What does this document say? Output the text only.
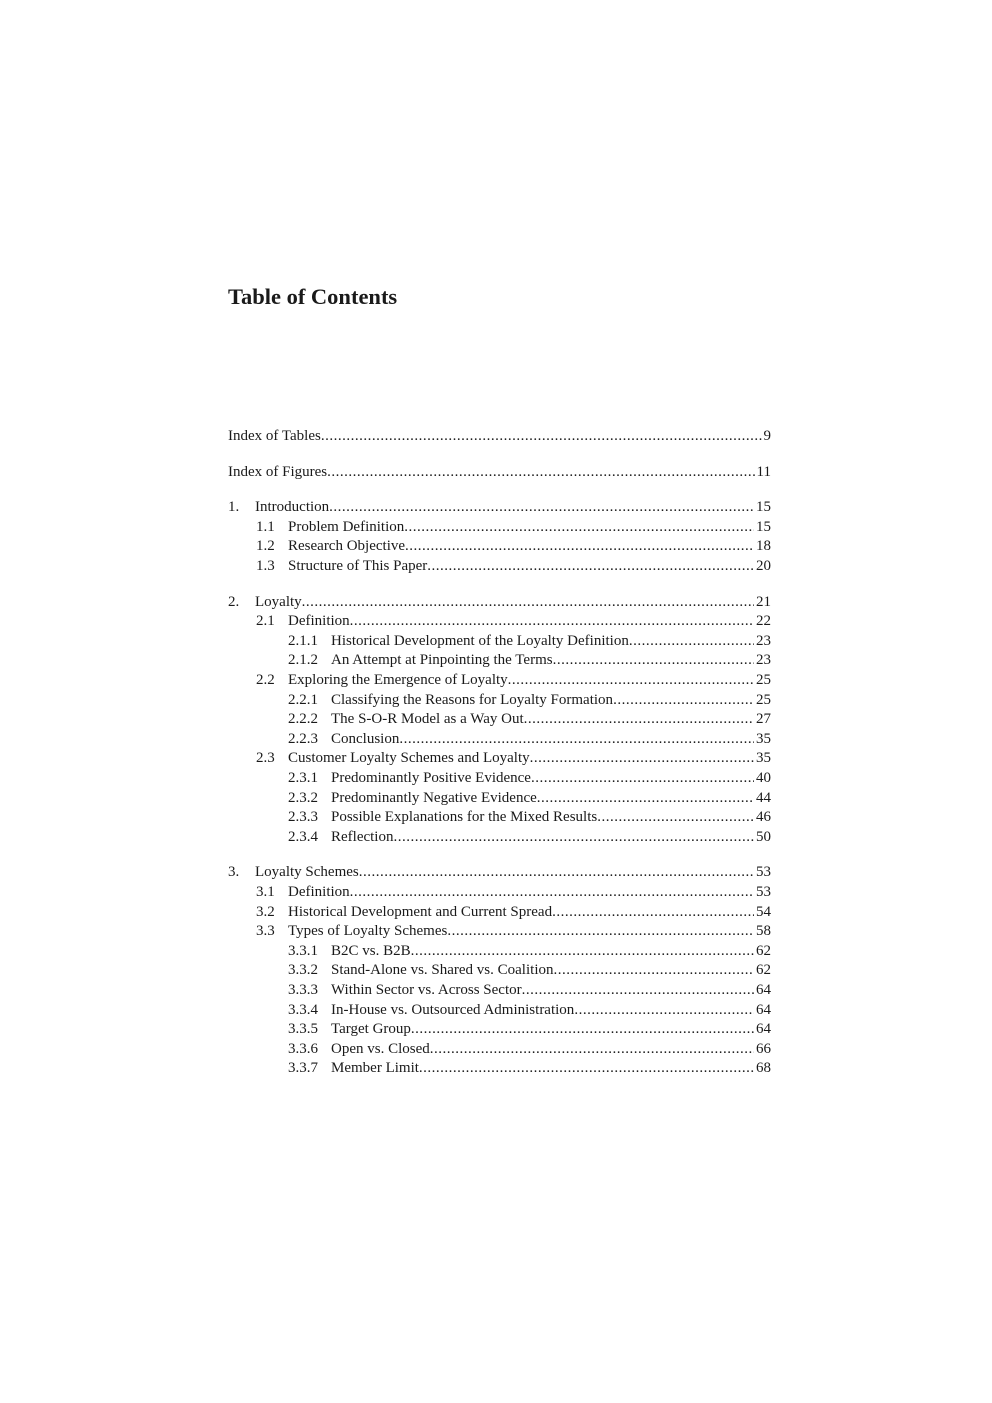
Table of Contents
Index of Tables .....	9
Index of Figures .....	11
1.	Introduction .....	15
1.1 Problem Definition .....	15
1.2 Research Objective .....	18
1.3 Structure of This Paper .....	20
2.	Loyalty .....	21
2.1 Definition .....	22
2.1.1 Historical Development of the Loyalty Definition .....	23
2.1.2 An Attempt at Pinpointing the Terms .....	23
2.2 Exploring the Emergence of Loyalty .....	25
2.2.1 Classifying the Reasons for Loyalty Formation .....	25
2.2.2 The S-O-R Model as a Way Out .....	27
2.2.3 Conclusion .....	35
2.3 Customer Loyalty Schemes and Loyalty .....	35
2.3.1 Predominantly Positive Evidence .....	40
2.3.2 Predominantly Negative Evidence .....	44
2.3.3 Possible Explanations for the Mixed Results .....	46
2.3.4 Reflection .....	50
3.	Loyalty Schemes .....	53
3.1 Definition .....	53
3.2 Historical Development and Current Spread .....	54
3.3 Types of Loyalty Schemes .....	58
3.3.1 B2C vs. B2B .....	62
3.3.2 Stand-Alone vs. Shared vs. Coalition .....	62
3.3.3 Within Sector vs. Across Sector .....	64
3.3.4 In-House vs. Outsourced Administration .....	64
3.3.5 Target Group .....	64
3.3.6 Open vs. Closed .....	66
3.3.7 Member Limit .....	68
